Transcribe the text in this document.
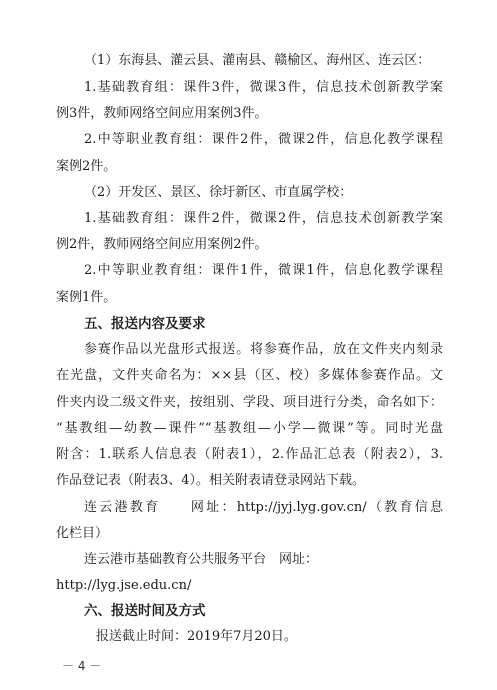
（1）东海县、灌云县、灌南县、赣榆区、海州区、连云区：
1.基础教育组：课件3件，微课3件，信息技术创新教学案
例3件，教师网络空间应用案例3件。
2.中等职业教育组：课件2件，微课2件，信息化教学课程
案例2件。
（2）开发区、景区、徐圩新区、市直属学校：
1.基础教育组：课件2件，微课2件，信息技术创新教学案
例2件，教师网络空间应用案例2件。
2.中等职业教育组：课件1件，微课1件，信息化教学课程
案例1件。
五、报送内容及要求
参赛作品以光盘形式报送。将参赛作品，放在文件夹内刻录
在光盘，文件夹命名为：××县（区、校）多媒体参赛作品。文
件夹内设二级文件夹，按组别、学段、项目进行分类，命名如下：
“基教组—幼教—课件”“基教组—小学—微课”等。同时光盘
附含：1.联系人信息表（附表1），2.作品汇总表（附表2），3.
作品登记表（附表3、4）。相关附表请登录网站下载。
连云港教育　　网址：http://jyj.lyg.gov.cn/（教育信息
化栏目）
连云港市基础教育公共服务平台　网址：
http://lyg.jse.edu.cn/
六、报送时间及方式
报送截止时间：2019年7月20日。
－ 4 －
